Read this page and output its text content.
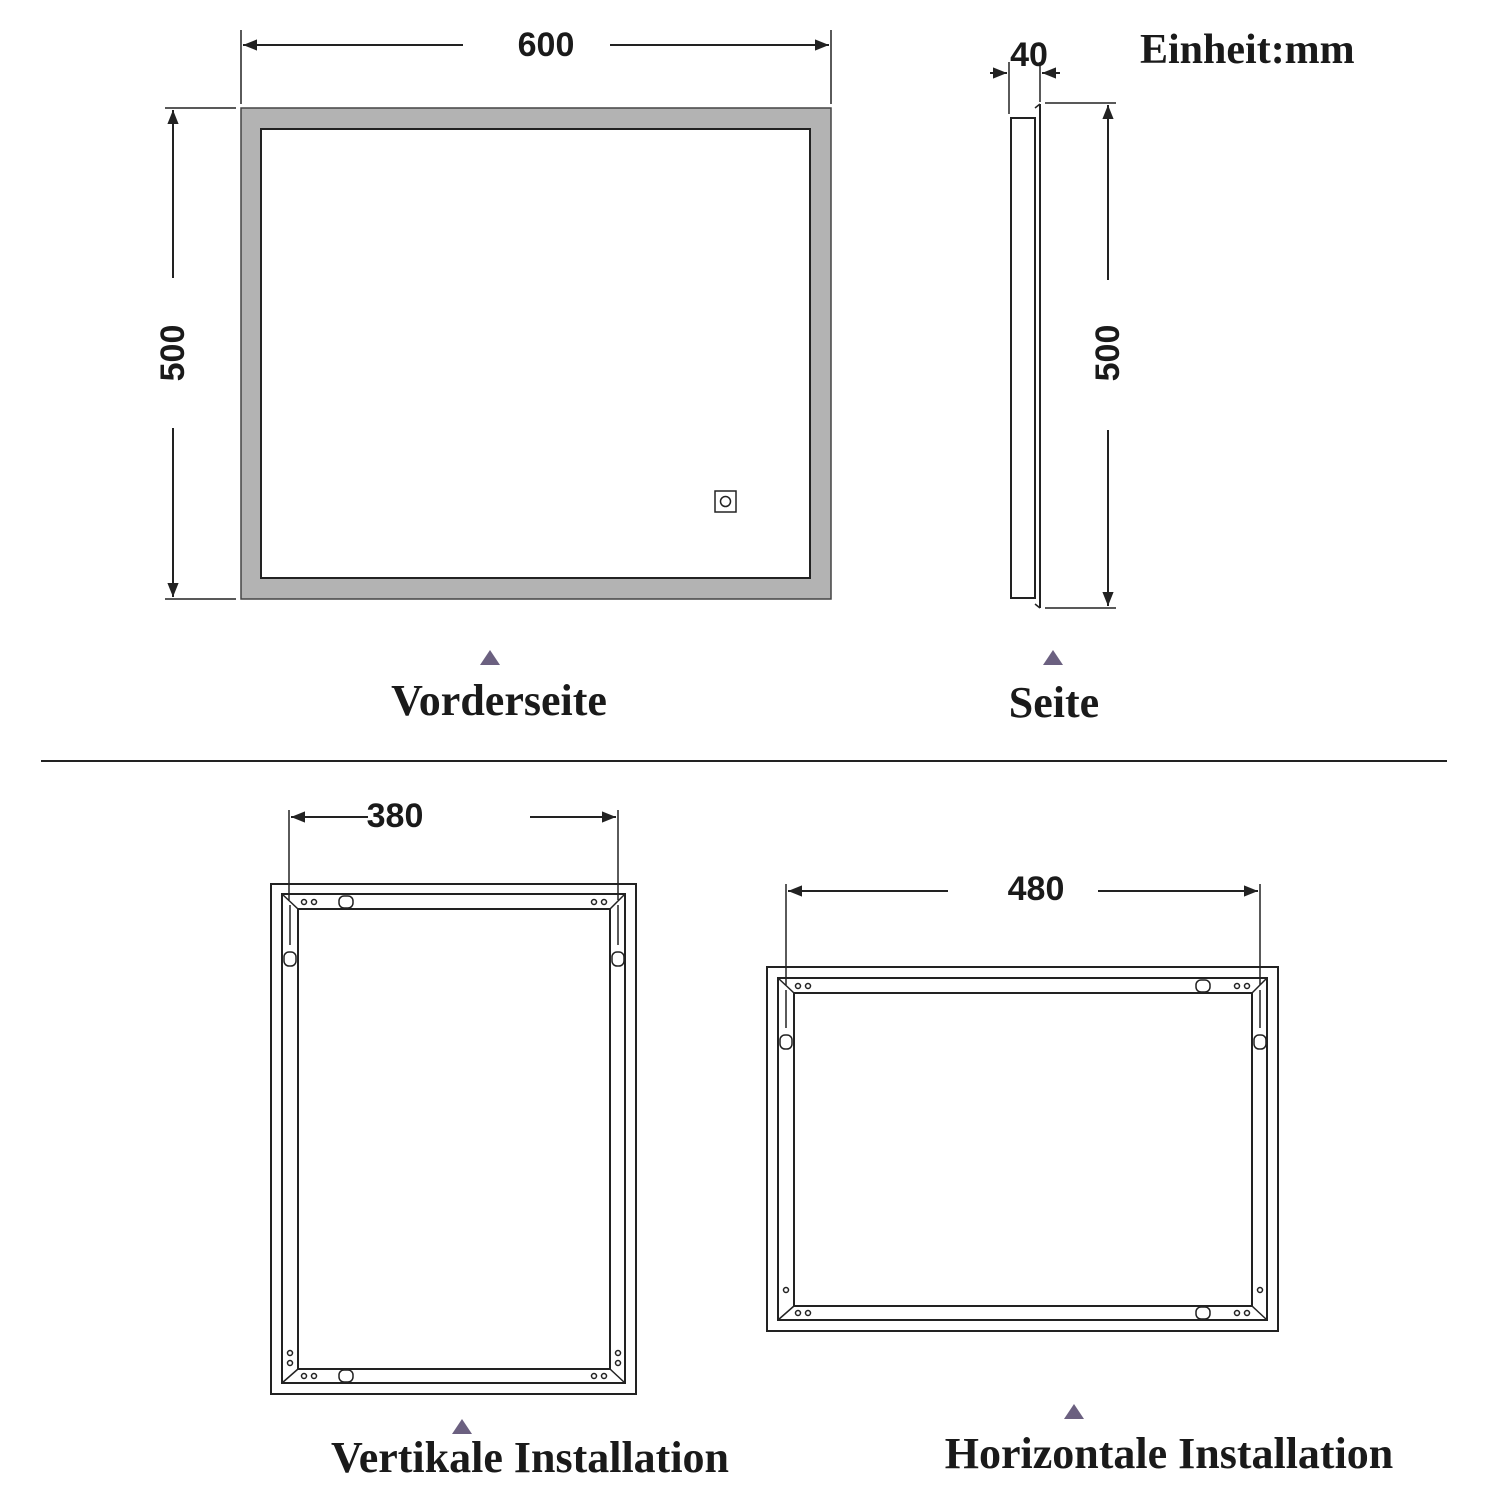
Einheit:mm
600
500
Vorderseite
40
500
Seite
380
Vertikale Installation
480
Horizontale Installation
